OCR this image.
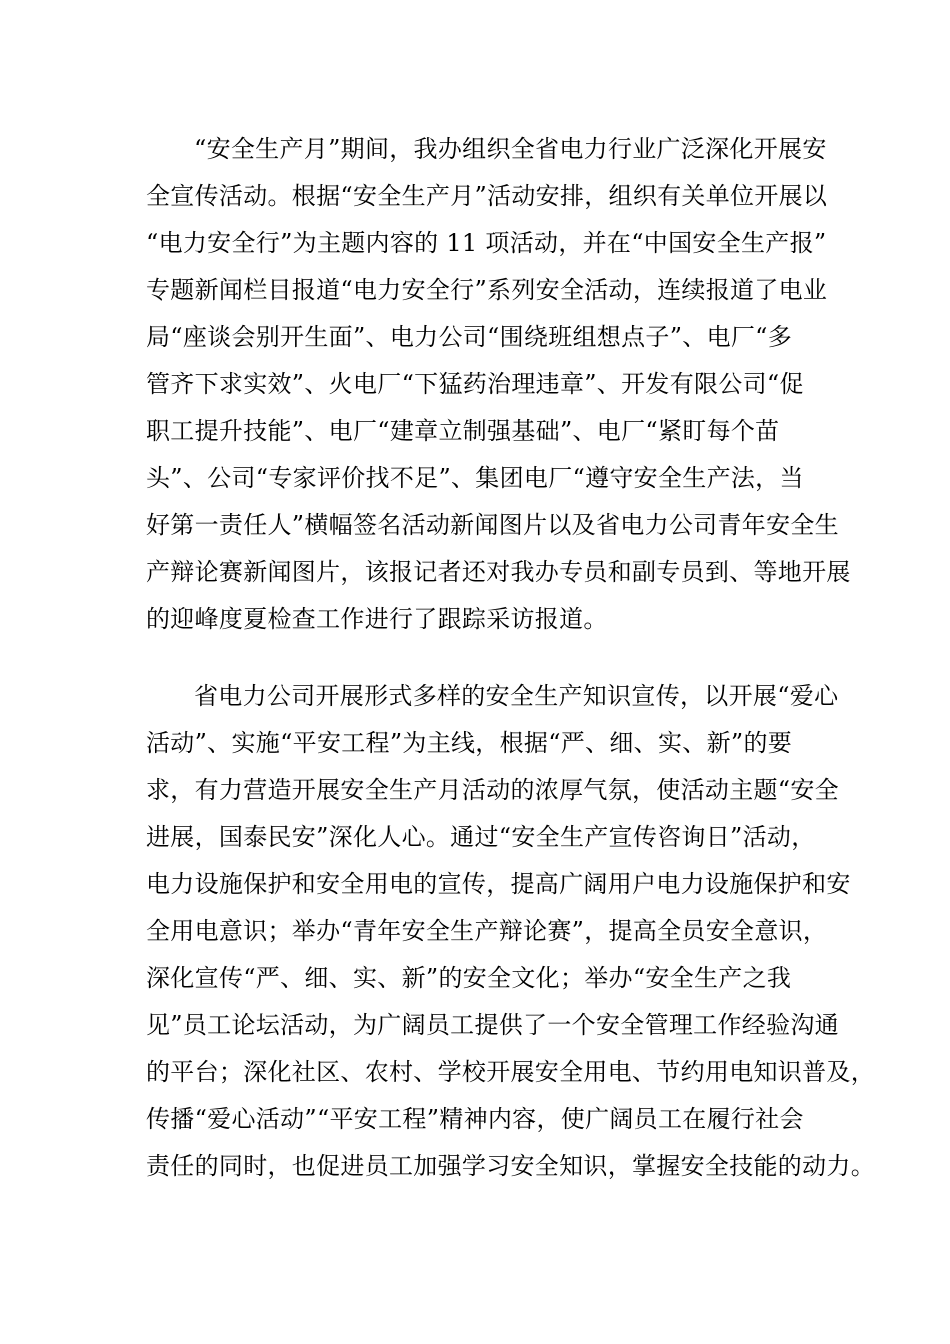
“安全生产月”期间，我办组织全省电力行业广泛深化开展安
全宣传活动。根据“安全生产月”活动安排，组织有关单位开展以
“电力安全行”为主题内容的 11 项活动，并在“中国安全生产报”
专题新闻栏目报道“电力安全行”系列安全活动，连续报道了电业
局“座谈会别开生面”、电力公司“围绕班组想点子”、电厂“多
管齐下求实效”、火电厂“下猛药治理违章”、开发有限公司“促
职工提升技能”、电厂“建章立制强基础”、电厂“紧盯每个苗
头”、公司“专家评价找不足”、集团电厂“遵守安全生产法，当
好第一责任人”横幅签名活动新闻图片以及省电力公司青年安全生
产辩论赛新闻图片，该报记者还对我办专员和副专员到、等地开展
的迎峰度夏检查工作进行了跟踪采访报道。

省电力公司开展形式多样的安全生产知识宣传，以开展“爱心
活动”、实施“平安工程”为主线，根据“严、细、实、新”的要
求，有力营造开展安全生产月活动的浓厚气氛，使活动主题“安全
进展，国泰民安”深化人心。通过“安全生产宣传咨询日”活动，
电力设施保护和安全用电的宣传，提高广阔用户电力设施保护和安
全用电意识；举办“青年安全生产辩论赛”，提高全员安全意识，
深化宣传“严、细、实、新”的安全文化；举办“安全生产之我
见”员工论坛活动，为广阔员工提供了一个安全管理工作经验沟通
的平台；深化社区、农村、学校开展安全用电、节约用电知识普及，
传播“爱心活动”“平安工程”精神内容，使广阔员工在履行社会
责任的同时，也促进员工加强学习安全知识，掌握安全技能的动力。
